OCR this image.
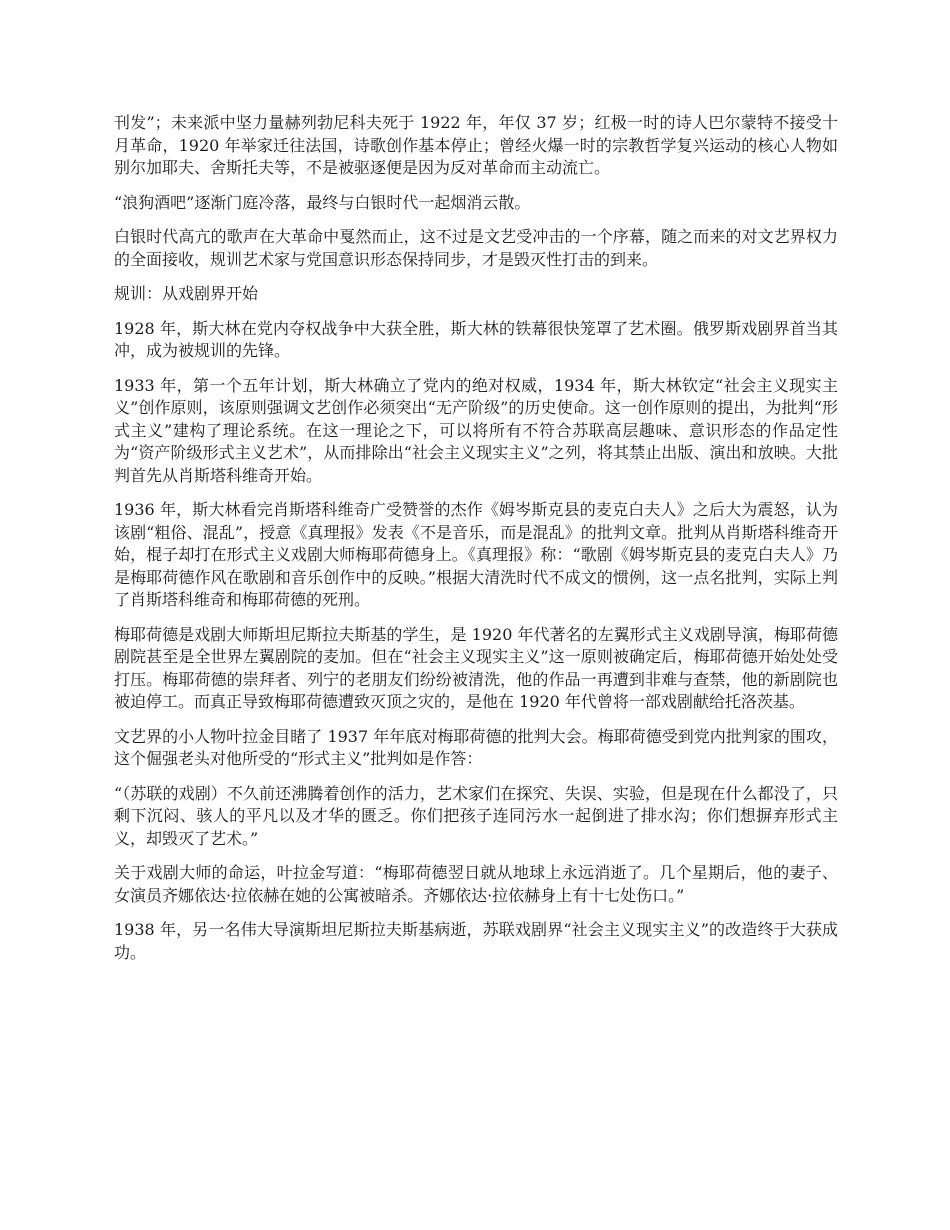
刊发”；未来派中坚力量赫列勃尼科夫死于 1922 年，年仅 37 岁；红极一时的诗人巴尔蒙特不接受十月革命，1920 年举家迁往法国，诗歌创作基本停止；曾经火爆一时的宗教哲学复兴运动的核心人物如别尔加耶夫、舍斯托夫等，不是被驱逐便是因为反对革命而主动流亡。

“浪狗酒吧”逐渐门庭冷落，最终与白银时代一起烟消云散。

白银时代高亢的歌声在大革命中戛然而止，这不过是文艺受冲击的一个序幕，随之而来的对文艺界权力的全面接收，规训艺术家与党国意识形态保持同步，才是毁灭性打击的到来。

规训：从戏剧界开始

1928 年，斯大林在党内夺权战争中大获全胜，斯大林的铁幕很快笼罩了艺术圈。俄罗斯戏剧界首当其冲，成为被规训的先锋。

1933 年，第一个五年计划，斯大林确立了党内的绝对权威，1934 年，斯大林钦定“社会主义现实主义”创作原则，该原则强调文艺创作必须突出“无产阶级”的历史使命。这一创作原则的提出，为批判“形式主义”建构了理论系统。在这一理论之下，可以将所有不符合苏联高层趣味、意识形态的作品定性为“资产阶级形式主义艺术”，从而排除出“社会主义现实主义”之列，将其禁止出版、演出和放映。大批判首先从肖斯塔科维奇开始。

1936 年，斯大林看完肖斯塔科维奇广受赞誉的杰作《姆岑斯克县的麦克白夫人》之后大为震怒，认为该剧“粗俗、混乱”，授意《真理报》发表《不是音乐，而是混乱》的批判文章。批判从肖斯塔科维奇开始，棍子却打在形式主义戏剧大师梅耶荷德身上。《真理报》称：“歌剧《姆岑斯克县的麦克白夫人》乃是梅耶荷德作风在歌剧和音乐创作中的反映。”根据大清洗时代不成文的惯例，这一点名批判，实际上判了肖斯塔科维奇和梅耶荷德的死刑。

梅耶荷德是戏剧大师斯坦尼斯拉夫斯基的学生，是 1920 年代著名的左翼形式主义戏剧导演，梅耶荷德剧院甚至是全世界左翼剧院的麦加。但在“社会主义现实主义”这一原则被确定后，梅耶荷德开始处处受打压。梅耶荷德的崇拜者、列宁的老朋友们纷纷被清洗，他的作品一再遭到非难与查禁，他的新剧院也被迫停工。而真正导致梅耶荷德遭致灭顶之灾的，是他在 1920 年代曾将一部戏剧献给托洛茨基。

文艺界的小人物叶拉金目睹了 1937 年年底对梅耶荷德的批判大会。梅耶荷德受到党内批判家的围攻，这个倔强老头对他所受的“形式主义”批判如是作答：

“（苏联的戏剧）不久前还沸腾着创作的活力，艺术家们在探究、失误、实验，但是现在什么都没了，只剩下沉闷、骇人的平凡以及才华的匮乏。你们把孩子连同污水一起倒进了排水沟；你们想摒弃形式主义，却毁灭了艺术。”

关于戏剧大师的命运，叶拉金写道：“梅耶荷德翌日就从地球上永远消逝了。几个星期后，他的妻子、女演员齐娜依达·拉依赫在她的公寓被暗杀。齐娜依达·拉依赫身上有十七处伤口。”

1938 年，另一名伟大导演斯坦尼斯拉夫斯基病逝，苏联戏剧界“社会主义现实主义”的改造终于大获成功。
